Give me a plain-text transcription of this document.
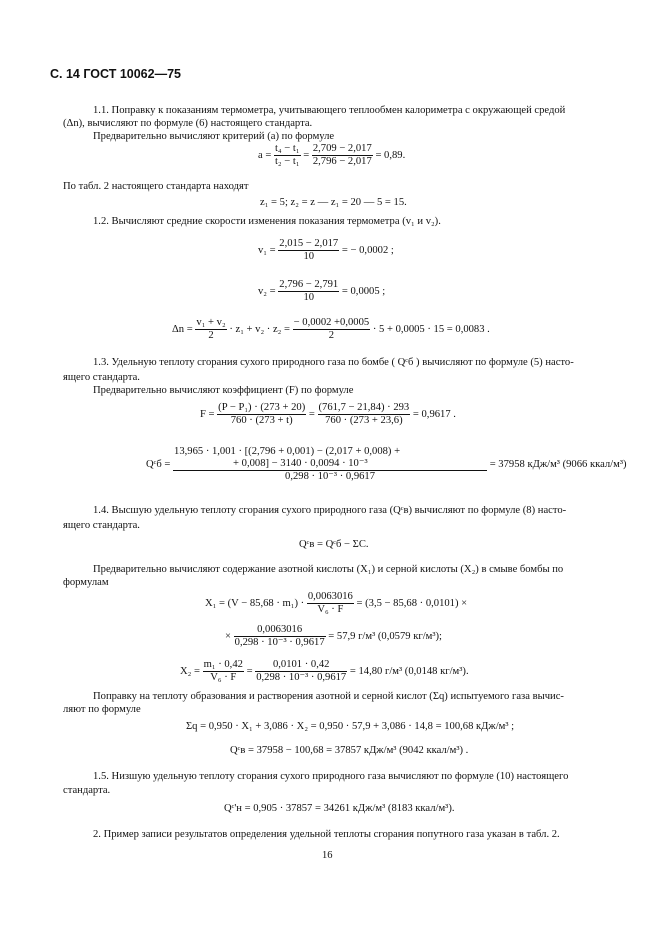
С. 14 ГОСТ 10062—75
1.1. Поправку к показаниям термометра, учитывающего теплообмен калориметра с окружающей средой
(Δn), вычисляют по формуле (6) настоящего стандарта.
Предварительно вычисляют критерий (a) по формуле
$a = \frac{\text{t₄ − t₁}}{\text{t₂ − t₁}} = \frac{2,709 - 2,017}{2,796 - 2,017} = 0,89$.
По табл. 2 настоящего стандарта находят
z₁ = 5; z₂ = z — z₁ = 20 — 5 = 15.
1.2. Вычисляют средние скорости изменения показания термометра (v₁ и v₂).
$v_1 = \frac{2,015 - 2,017}{10}$ = − 0,0002 ;
$v_2 = \frac{2,796 - 2,791}{10} = 0,0005$ ;
$\Delta n = \frac{\text{v₁ + v₂}}{2} \cdot z_1 + v_2 \cdot z_2 = \frac{- 0,0002 +0,0005}{2} \cdot 5 + 0,0005 \cdot 15 = 0,0083$ .
1.3. Удельную теплоту сгорания сухого природного газа по бомбе ( Qᶜб ) вычисляют по формуле (5) насто-
ящего стандарта.
Предварительно вычисляют коэффициент (F) по формуле
$F = \frac{\text{(P − P₁) · (273 + 20)}}{760 \cdot (273 + t)} = \frac{(761,7 - 21,84) \cdot 293}{760 \cdot (273 + 23,6)} = 0,9617$ .
Qᶜб =
13,965 · 1,001 · [(2,796 + 0,001) − (2,017 + 0,008) +
+ 0,008] − 3140 · 0,0094 · 10⁻³
0,298 · 10⁻³ · 0,9617
= 37958 кДж/м³ (9066 ккал/м³)
1.4. Высшую удельную теплоту сгорания сухого природного газа (Qᶜв) вычисляют по формуле (8) насто-
ящего стандарта.
Qᶜв = Qᶜб − ΣC.
Предварительно вычисляют содержание азотной кислоты (X₁) и серной кислоты (X₂) в смыве бомбы по
формулам
$X_1 = (V - 85,68 \cdot m_1) \cdot \frac{0,0063016}{\text{V₆ · F}} = (3,5 - 85,68 \cdot 0,0101)$ ×
× $\frac{0,0063016}{\text{0,298 · 10⁻³ · 0,9617}} = 57,9$ г/м³ (0,0579 кг/м³);
$X_2 = \frac{\text{m₁ · 0,42}}{\text{V₆ · F}} = \frac{0,0101 \cdot 0,42}{\text{0,298 · 10⁻³ · 0,9617}} = 14,80$ г/м³ (0,0148 кг/м³).
Поправку на теплоту образования и растворения азотной и серной кислот (Σq) испытуемого газа вычис-
ляют по формуле
Σq = 0,950 · X₁ + 3,086 · X₂ = 0,950 · 57,9 + 3,086 · 14,8 = 100,68 кДж/м³ ;
Qᶜв = 37958 − 100,68 = 37857 кДж/м³ (9042 ккал/м³) .
1.5. Низшую удельную теплоту сгорания сухого природного газа вычисляют по формуле (10) настоящего
стандарта.
Qᶜ'н = 0,905 · 37857 = 34261 кДж/м³ (8183 ккал/м³).
2. Пример записи результатов определения удельной теплоты сгорания попутного газа указан в табл. 2.
16
